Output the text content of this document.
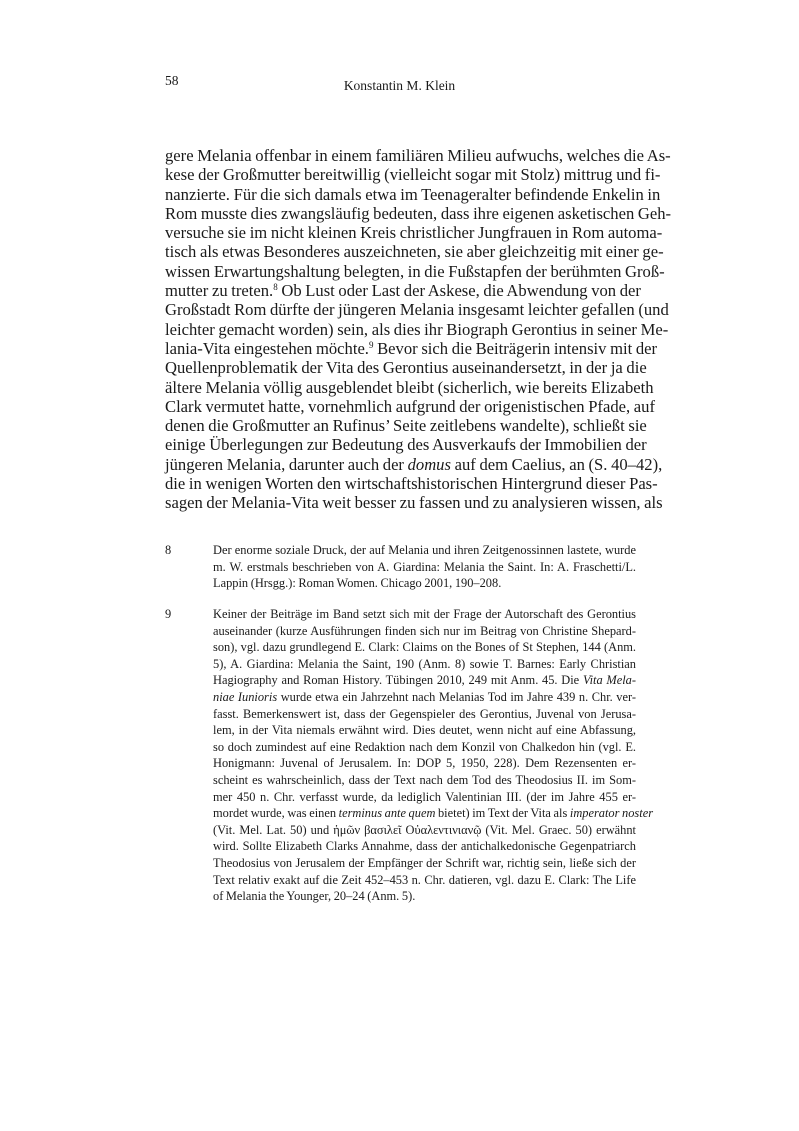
58	Konstantin M. Klein
gere Melania offenbar in einem familiären Milieu aufwuchs, welches die As-
kese der Großmutter bereitwillig (vielleicht sogar mit Stolz) mittrug und fi-
nanzierte. Für die sich damals etwa im Teenageralter befindende Enkelin in
Rom musste dies zwangsläufig bedeuten, dass ihre eigenen asketischen Geh-
versuche sie im nicht kleinen Kreis christlicher Jungfrauen in Rom automa-
tisch als etwas Besonderes auszeichneten, sie aber gleichzeitig mit einer ge-
wissen Erwartungshaltung belegten, in die Fußstapfen der berühmten Groß-
mutter zu treten.$^8$ Ob Lust oder Last der Askese, die Abwendung von der
Großstadt Rom dürfte der jüngeren Melania insgesamt leichter gefallen (und
leichter gemacht worden) sein, als dies ihr Biograph Gerontius in seiner Me-
lania-Vita eingestehen möchte.$^9$ Bevor sich die Beiträgerin intensiv mit der
Quellenproblematik der Vita des Gerontius auseinandersetzt, in der ja die
ältere Melania völlig ausgeblendet bleibt (sicherlich, wie bereits Elizabeth
Clark vermutet hatte, vornehmlich aufgrund der origenistischen Pfade, auf
denen die Großmutter an Rufinus’ Seite zeitlebens wandelte), schließt sie
einige Überlegungen zur Bedeutung des Ausverkaufs der Immobilien der
jüngeren Melania, darunter auch der domus auf dem Caelius, an (S. 40–42),
die in wenigen Worten den wirtschaftshistorischen Hintergrund dieser Pas-
sagen der Melania-Vita weit besser zu fassen und zu analysieren wissen, als
8	Der enorme soziale Druck, der auf Melania und ihren Zeitgenossinnen lastete, wurde
m. W. erstmals beschrieben von A. Giardina: Melania the Saint. In: A. Fraschetti/L.
Lappin (Hrsgg.): Roman Women. Chicago 2001, 190–208.
9	Keiner der Beiträge im Band setzt sich mit der Frage der Autorschaft des Gerontius
auseinander (kurze Ausführungen finden sich nur im Beitrag von Christine Shepard-
son), vgl. dazu grundlegend E. Clark: Claims on the Bones of St Stephen, 144 (Anm.
5), A. Giardina: Melania the Saint, 190 (Anm. 8) sowie T. Barnes: Early Christian
Hagiography and Roman History. Tübingen 2010, 249 mit Anm. 45. Die Vita Mela-
niae Iunioris wurde etwa ein Jahrzehnt nach Melanias Tod im Jahre 439 n. Chr. ver-
fasst. Bemerkenswert ist, dass der Gegenspieler des Gerontius, Juvenal von Jerusa-
lem, in der Vita niemals erwähnt wird. Dies deutet, wenn nicht auf eine Abfassung,
so doch zumindest auf eine Redaktion nach dem Konzil von Chalkedon hin (vgl. E.
Honigmann: Juvenal of Jerusalem. In: DOP 5, 1950, 228). Dem Rezensenten er-
scheint es wahrscheinlich, dass der Text nach dem Tod des Theodosius II. im Som-
mer 450 n. Chr. verfasst wurde, da lediglich Valentinian III. (der im Jahre 455 er-
mordet wurde, was einen terminus ante quem bietet) im Text der Vita als imperator noster
(Vit. Mel. Lat. 50) und ἡμῶν βασιλεῖ Οὐαλεντινιανῷ (Vit. Mel. Graec. 50) erwähnt
wird. Sollte Elizabeth Clarks Annahme, dass der antichalkedonische Gegenpatriarch
Theodosius von Jerusalem der Empfänger der Schrift war, richtig sein, ließe sich der
Text relativ exakt auf die Zeit 452–453 n. Chr. datieren, vgl. dazu E. Clark: The Life
of Melania the Younger, 20–24 (Anm. 5).
